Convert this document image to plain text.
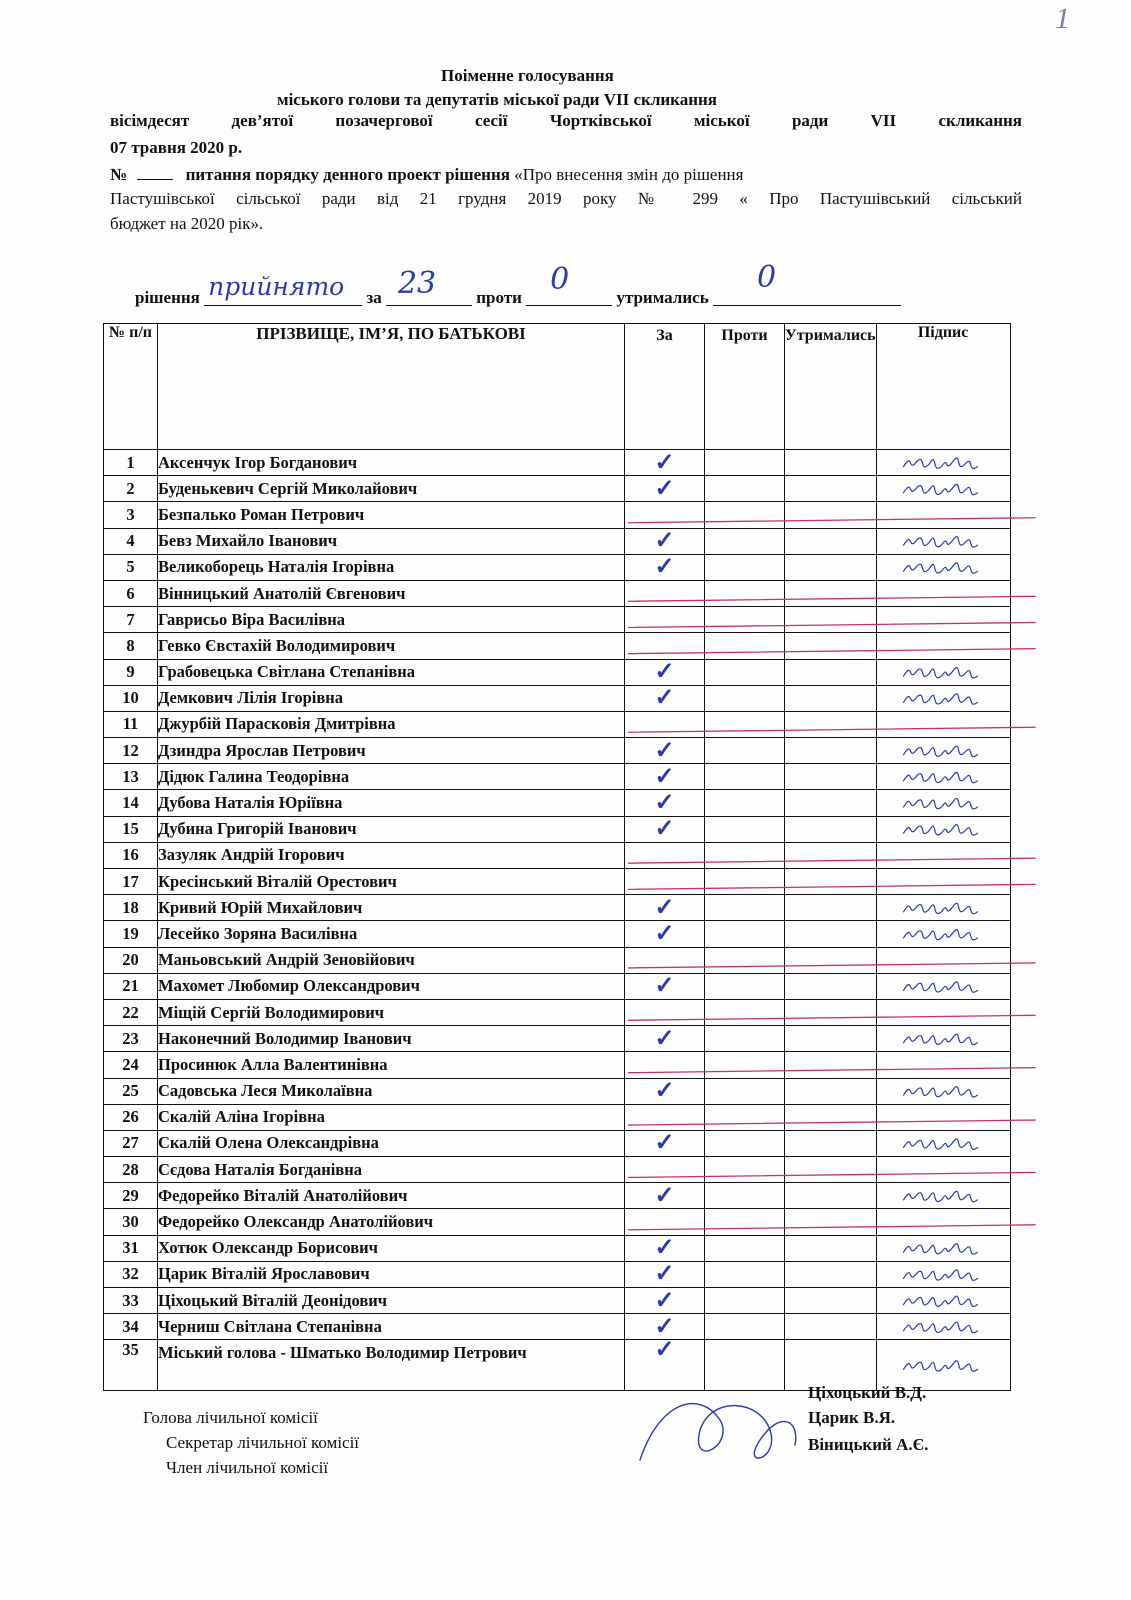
1
Поіменне голосування
міського голови та депутатів міської ради VII скликання
вісімдесят дев’ятої позачергової сесії Чортківської міської ради VII скликання
07 травня 2020 р.
№	питання порядку денного проект рішення «Про внесення змін до рішення
Пастушівської сільської ради від 21 грудня 2019 року № 299 « Про Пастушівський сільський
бюджет на 2020 рік».
рішення прийнято за 23 проти
0
утримались
0
№ п/п	ПРІЗВИЩЕ, ІМ’Я, ПО БАТЬКОВІ	За	Проти	Утримались	Підпис
1	Аксенчук Ігор Богданович	✓			
2	Буденькевич Сергій Миколайович	✓			
3	Безпалько Роман Петрович				
4	Бевз Михайло Іванович	✓			
5	Великоборець Наталія Ігорівна	✓			
6	Вінницький Анатолій Євгенович				
7	Гаврисьо Віра Василівна				
8	Гевко Євстахій Володимирович				
9	Грабовецька Світлана Степанівна	✓			
10	Демкович Лілія Ігорівна	✓			
11	Джурбій Парасковія Дмитрівна				
12	Дзиндра Ярослав Петрович	✓			
13	Дідюк Галина Теодорівна	✓			
14	Дубова Наталія Юріївна	✓			
15	Дубина Григорій Іванович	✓			
16	Зазуляк Андрій Ігорович				
17	Кресінський Віталій Орестович				
18	Кривий Юрій Михайлович	✓			
19	Лесейко Зоряна Василівна	✓			
20	Маньовський Андрій Зеновійович				
21	Махомет Любомир Олександрович	✓			
22	Міщій Сергій Володимирович				
23	Наконечний Володимир Іванович	✓			
24	Просинюк Алла Валентинівна				
25	Садовська Леся Миколаївна	✓			
26	Скалій Аліна Ігорівна				
27	Скалій Олена Олександрівна	✓			
28	Сєдова Наталія Богданівна				
29	Федорейко Віталій Анатолійович	✓			
30	Федорейко Олександр Анатолійович				
31	Хотюк Олександр Борисович	✓			
32	Царик Віталій Ярославович	✓			
33	Ціхоцький Віталій Деонідович	✓			
34	Черниш Світлана Степанівна	✓			
35	Міський голова - Шматько Володимир Петрович	✓			
Голова лічильної комісії
Секретар лічильної комісії
Член лічильної комісії
Ціхоцький В.Д.
Царик В.Я.
Віницький А.Є.
